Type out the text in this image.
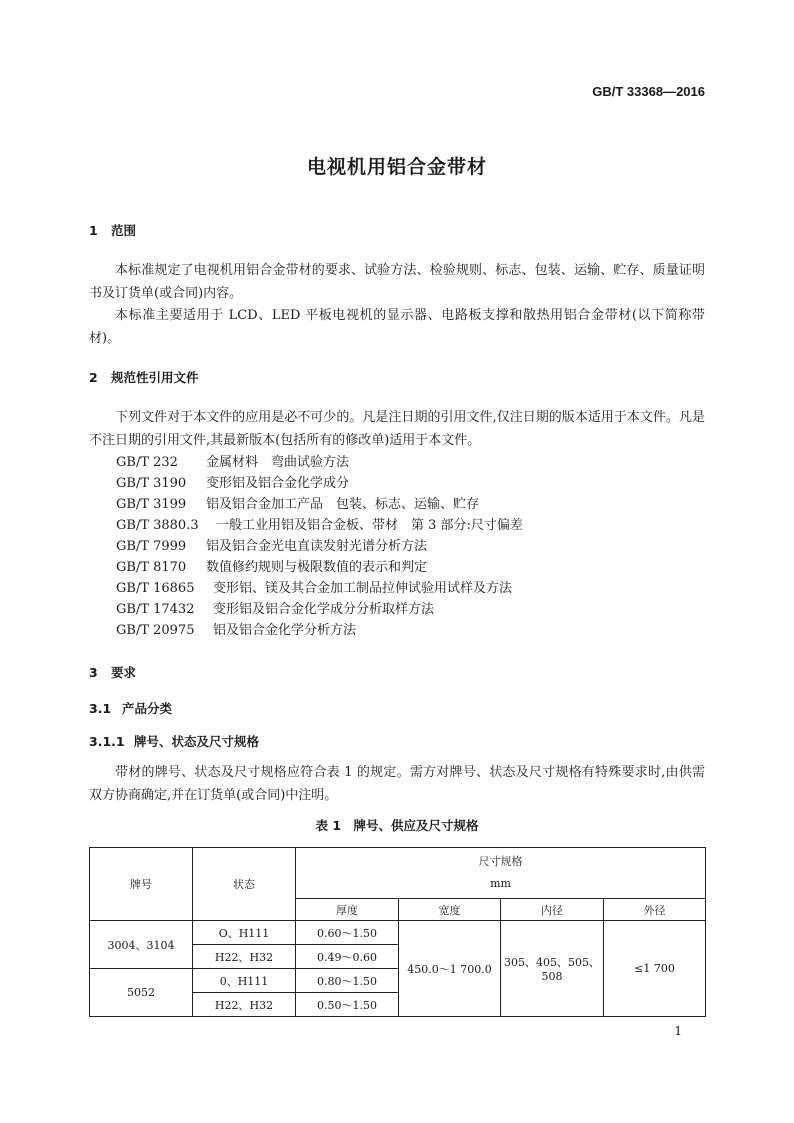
GB/T 33368—2016
电视机用铝合金带材
1 范围
本标准规定了电视机用铝合金带材的要求、试验方法、检验规则、标志、包装、运输、贮存、质量证明书及订货单(或合同)内容。
本标准主要适用于 LCD、LED 平板电视机的显示器、电路板支撑和散热用铝合金带材(以下简称带材)。
2 规范性引用文件
下列文件对于本文件的应用是必不可少的。凡是注日期的引用文件,仅注日期的版本适用于本文件。凡是不注日期的引用文件,其最新版本(包括所有的修改单)适用于本文件。
GB/T 232 金属材料　弯曲试验方法
GB/T 3190 变形铝及铝合金化学成分
GB/T 3199 铝及铝合金加工产品　包装、标志、运输、贮存
GB/T 3880.3 一般工业用铝及铝合金板、带材　第 3 部分:尺寸偏差
GB/T 7999 铝及铝合金光电直读发射光谱分析方法
GB/T 8170 数值修约规则与极限数值的表示和判定
GB/T 16865 变形铝、镁及其合金加工制品拉伸试验用试样及方法
GB/T 17432 变形铝及铝合金化学成分分析取样方法
GB/T 20975 铝及铝合金化学分析方法
3 要求
3.1 产品分类
3.1.1 牌号、状态及尺寸规格
带材的牌号、状态及尺寸规格应符合表 1 的规定。需方对牌号、状态及尺寸规格有特殊要求时,由供需双方协商确定,并在订货单(或合同)中注明。
表 1　牌号、供应及尺寸规格
牌号	状态	尺寸规格
mm			

		厚度	宽度	内径	外径
3004、3104	O、H111	0.60～1.50	450.0～1 700.0	305、405、505、508	≤1 700
	H22、H32	0.49～0.60			
5052	0、H111	0.80～1.50			
	H22、H32	0.50～1.50			
1
